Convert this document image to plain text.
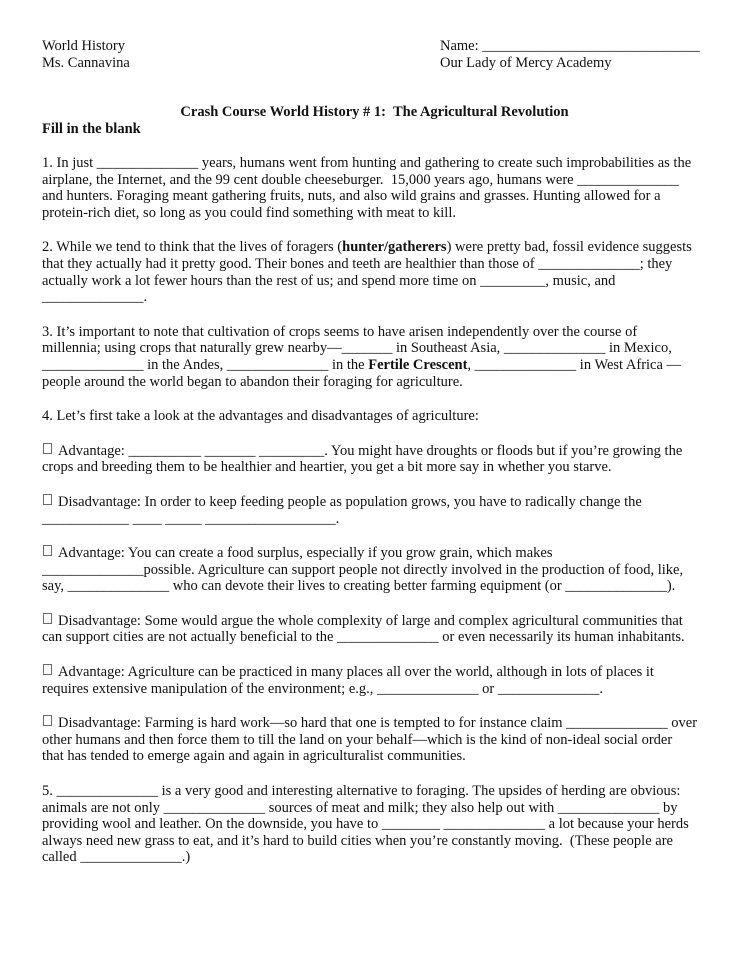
World History
Ms. Cannavina
Name: ______________________________
Our Lady of Mercy Academy
Crash Course World History # 1:  The Agricultural Revolution
Fill in the blank
1. In just ______________ years, humans went from hunting and gathering to create such improbabilities as the
airplane, the Internet, and the 99 cent double cheeseburger.  15,000 years ago, humans were ______________
and hunters. Foraging meant gathering fruits, nuts, and also wild grains and grasses. Hunting allowed for a
protein-rich diet, so long as you could find something with meat to kill.
2. While we tend to think that the lives of foragers (hunter/gatherers) were pretty bad, fossil evidence suggests
that they actually had it pretty good. Their bones and teeth are healthier than those of ______________; they
actually work a lot fewer hours than the rest of us; and spend more time on _________, music, and
______________.
3. It’s important to note that cultivation of crops seems to have arisen independently over the course of
millennia; using crops that naturally grew nearby—_______ in Southeast Asia, ______________ in Mexico,
______________ in the Andes, ______________ in the Fertile Crescent, ______________ in West Africa —
people around the world began to abandon their foraging for agriculture.
4. Let’s first take a look at the advantages and disadvantages of agriculture:
Advantage: __________ _______ _________. You might have droughts or floods but if you’re growing the
crops and breeding them to be healthier and heartier, you get a bit more say in whether you starve.
Disadvantage: In order to keep feeding people as population grows, you have to radically change the
____________ ____ _____ __________________.
Advantage: You can create a food surplus, especially if you grow grain, which makes
______________possible. Agriculture can support people not directly involved in the production of food, like,
say, ______________ who can devote their lives to creating better farming equipment (or ______________).
Disadvantage: Some would argue the whole complexity of large and complex agricultural communities that
can support cities are not actually beneficial to the ______________ or even necessarily its human inhabitants.
Advantage: Agriculture can be practiced in many places all over the world, although in lots of places it
requires extensive manipulation of the environment; e.g., ______________ or ______________.
Disadvantage: Farming is hard work—so hard that one is tempted to for instance claim ______________ over
other humans and then force them to till the land on your behalf—which is the kind of non-ideal social order
that has tended to emerge again and again in agriculturalist communities.
5. ______________ is a very good and interesting alternative to foraging. The upsides of herding are obvious:
animals are not only ______________ sources of meat and milk; they also help out with ______________ by
providing wool and leather. On the downside, you have to ________ ______________ a lot because your herds
always need new grass to eat, and it’s hard to build cities when you’re constantly moving.  (These people are
called ______________.)
